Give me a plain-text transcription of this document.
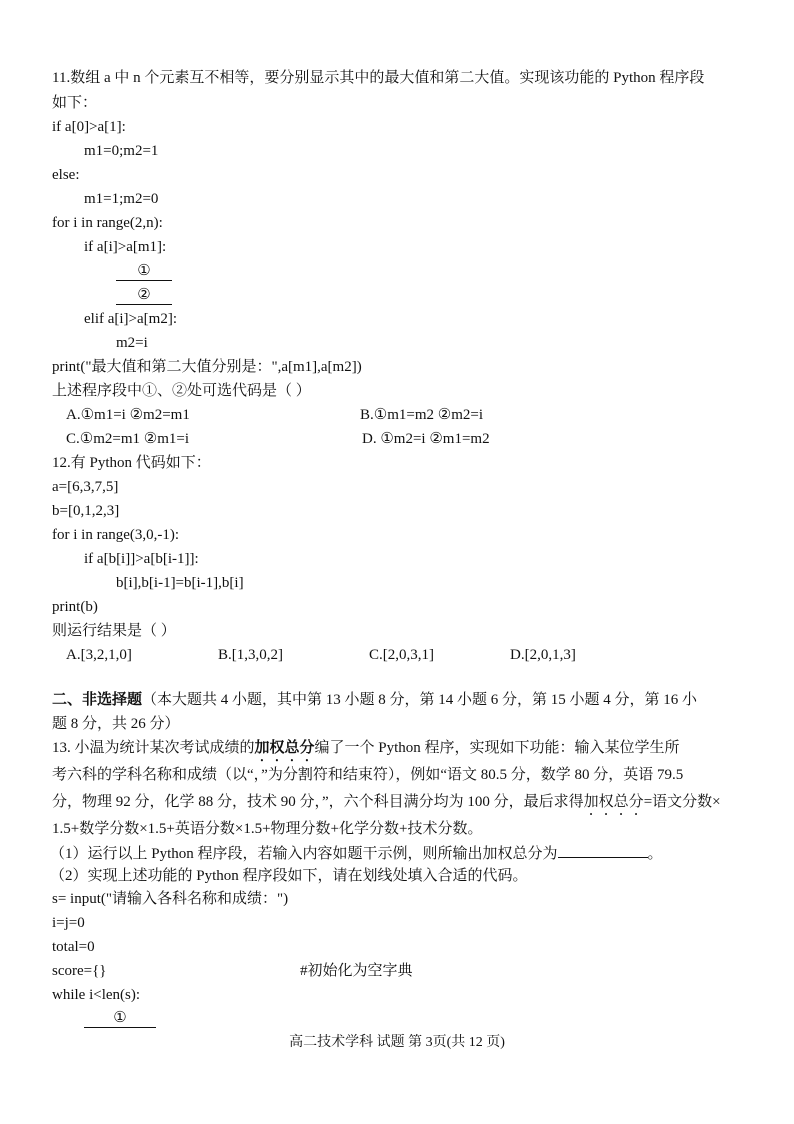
11.数组 a 中 n 个元素互不相等，要分别显示其中的最大值和第二大值。实现该功能的 Python 程序段
如下：
if a[0]>a[1]:
m1=0;m2=1
else:
m1=1;m2=0
for i in range(2,n):
if a[i]>a[m1]:
①
②
elif a[i]>a[m2]:
m2=i
print("最大值和第二大值分别是：",a[m1],a[m2])
上述程序段中①、②处可选代码是（ ）
A.①m1=i ②m2=m1	B.①m1=m2 ②m2=i
C.①m2=m1 ②m1=i	D. ①m2=i ②m1=m2
12.有 Python 代码如下：
a=[6,3,7,5]
b=[0,1,2,3]
for i in range(3,0,-1):
if a[b[i]]>a[b[i-1]]:
b[i],b[i-1]=b[i-1],b[i]
print(b)
则运行结果是（ ）
A.[3,2,1,0]	B.[1,3,0,2]	C.[2,0,3,1]	D.[2,0,1,3]
二、非选择题（本大题共 4 小题，其中第 13 小题 8 分，第 14 小题 6 分，第 15 小题 4 分，第 16 小
题 8 分，共 26 分）
13. 小温为统计某次考试成绩的加权总分编了一个 Python 程序，实现如下功能：输入某位学生所
考六科的学科名称和成绩（以“，”为分割符和结束符），例如“语文 80.5 分，数学 80 分，英语 79.5
分，物理 92 分，化学 88 分，技术 90 分，”，六个科目满分均为 100 分，最后求得加权总分=语文分数×
1.5+数学分数×1.5+英语分数×1.5+物理分数+化学分数+技术分数。
（1）运行以上 Python 程序段，若输入内容如题干示例，则所输出加权总分为	。
（2）实现上述功能的 Python 程序段如下，请在划线处填入合适的代码。
s= input("请输入各科名称和成绩：")
i=j=0
total=0
score={}	#初始化为空字典
while i<len(s):
①
高二技术学科 试题 第 3页(共 12 页)
